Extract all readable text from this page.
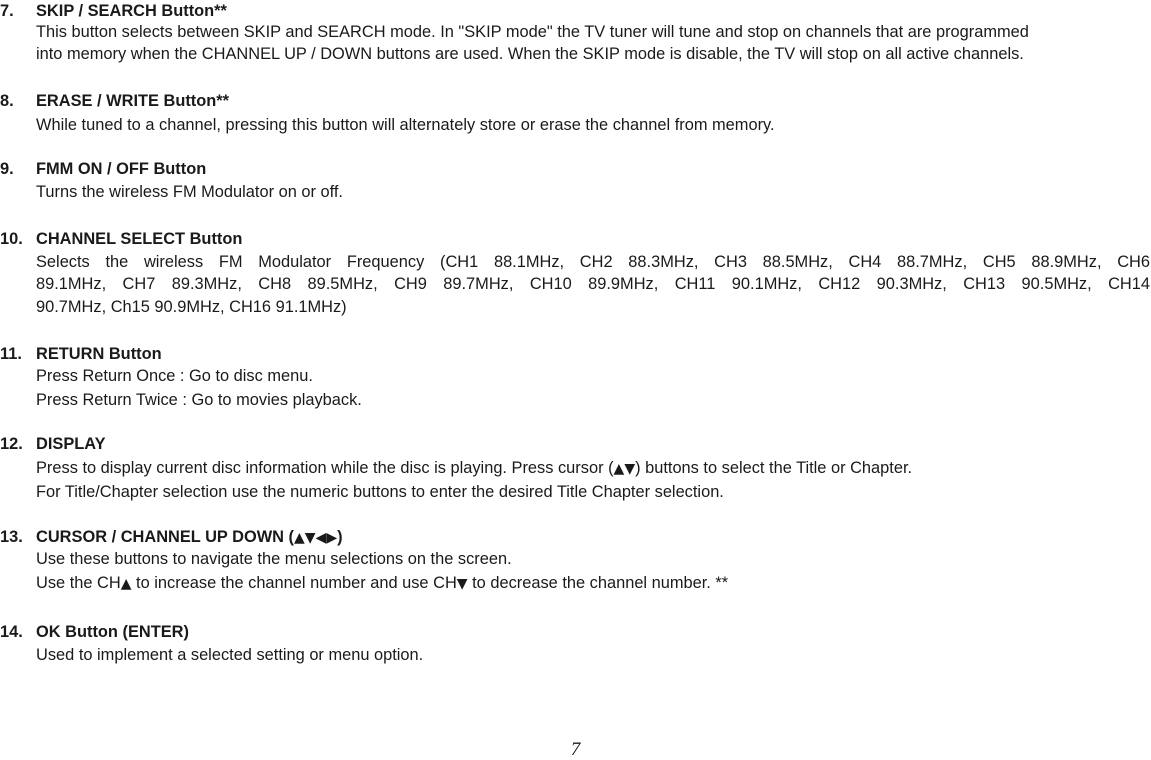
7. SKIP / SEARCH Button**
This button selects between SKIP and SEARCH mode. In "SKIP mode" the TV tuner will tune and stop on channels that are programmed
into memory when the CHANNEL UP / DOWN buttons are used. When the SKIP mode is disable, the TV will stop on all active channels.
8. ERASE / WRITE Button**
While tuned to a channel, pressing this button will alternately store or erase the channel from memory.
9. FMM ON / OFF Button
Turns the wireless FM Modulator on or off.
10. CHANNEL SELECT Button
Selects the wireless FM Modulator Frequency (CH1 88.1MHz, CH2 88.3MHz, CH3 88.5MHz, CH4 88.7MHz, CH5 88.9MHz, CH6
89.1MHz, CH7 89.3MHz, CH8 89.5MHz, CH9 89.7MHz, CH10 89.9MHz, CH11 90.1MHz, CH12 90.3MHz, CH13 90.5MHz, CH14
90.7MHz, Ch15 90.9MHz, CH16 91.1MHz)
11. RETURN Button
Press Return Once : Go to disc menu.
Press Return Twice : Go to movies playback.
12. DISPLAY
Press to display current disc information while the disc is playing. Press cursor (▲▼) buttons to select the Title or Chapter.
For Title/Chapter selection use the numeric buttons to enter the desired Title Chapter selection.
13. CURSOR / CHANNEL UP DOWN (▲▼◀▶)
Use these buttons to navigate the menu selections on the screen.
Use the CH▲ to increase the channel number and use CH▼ to decrease the channel number. **
14. OK Button (ENTER)
Used to implement a selected setting or menu option.
7
